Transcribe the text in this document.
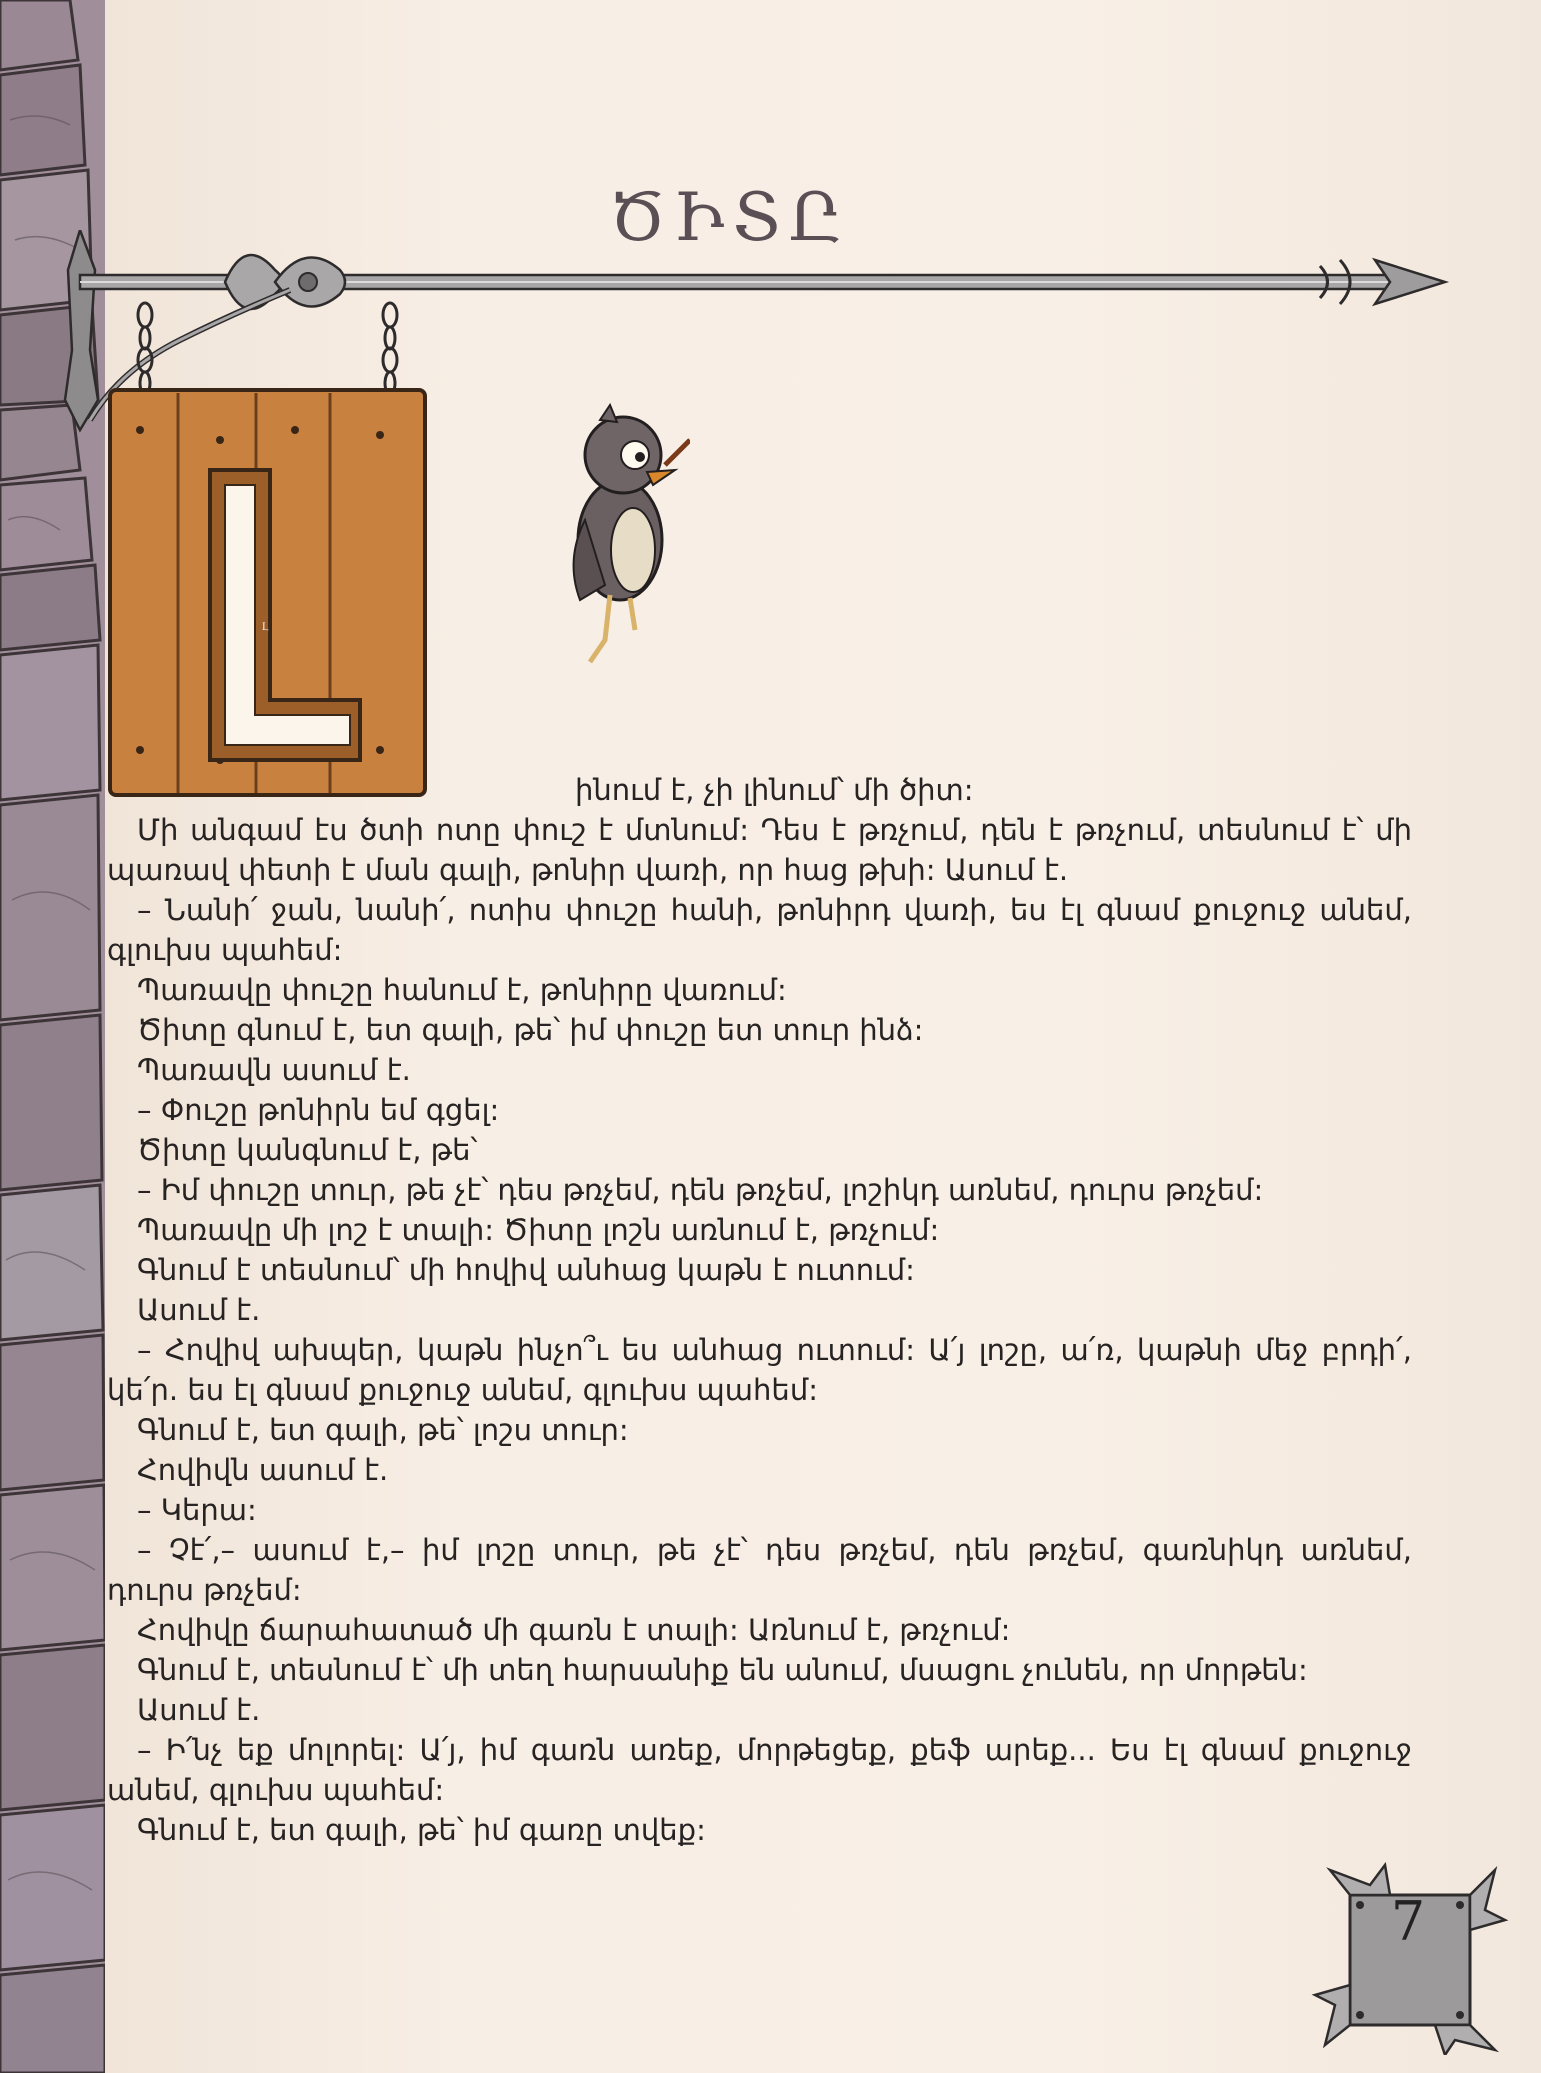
ԾԻՏԸ
Լ
ինում է, չի լինում՝ մի ծիտ:
Մի անգամ էս ծտի ոտը փուշ է մտնում: Դես է թռչում, դեն է թռչում, տեսնում է՝ մի
պառավ փետի է ման գալի, թոնիր վառի, որ հաց թխի: Ասում է.
– Նանի՛ ջան, նանի՛, ոտիս փուշը հանի, թոնիրդ վառի, ես էլ գնամ քուջուջ անեմ,
գլուխս պահեմ:
Պառավը փուշը հանում է, թոնիրը վառում:
Ծիտը գնում է, ետ գալի, թե՝ իմ փուշը ետ տուր ինձ:
Պառավն ասում է.
– Փուշը թոնիրն եմ գցել:
Ծիտը կանգնում է, թե՝
– Իմ փուշը տուր, թե չէ՝ դես թռչեմ, դեն թռչեմ, լոշիկդ առնեմ, դուրս թռչեմ:
Պառավը մի լոշ է տալի: Ծիտը լոշն առնում է, թռչում:
Գնում է տեսնում՝ մի հովիվ անհաց կաթն է ուտում:
Ասում է.
– Հովիվ ախպեր, կաթն ինչո՞ւ ես անհաց ուտում: Ա՛յ լոշը, ա՛ռ, կաթնի մեջ բրդի՛,
կե՛ր. ես էլ գնամ քուջուջ անեմ, գլուխս պահեմ:
Գնում է, ետ գալի, թե՝ լոշս տուր:
Հովիվն ասում է.
– Կերա:
– Չէ՛,– ասում է,– իմ լոշը տուր, թե չէ՝ դես թռչեմ, դեն թռչեմ, գառնիկդ առնեմ,
դուրս թռչեմ:
Հովիվը ճարահատած մի գառն է տալի: Առնում է, թռչում:
Գնում է, տեսնում է՝ մի տեղ հարսանիք են անում, մսացու չունեն, որ մորթեն:
Ասում է.
– Ի՛նչ եք մոլորել: Ա՛յ, իմ գառն առեք, մորթեցեք, քեֆ արեք... Ես էլ գնամ քուջուջ
անեմ, գլուխս պահեմ:
Գնում է, ետ գալի, թե՝ իմ գառը տվեք:
7
